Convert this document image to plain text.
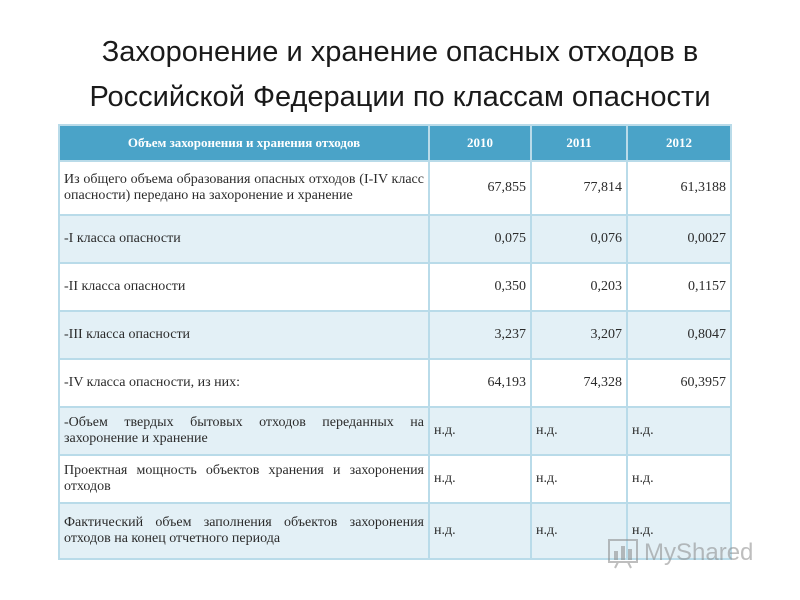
Захоронение и хранение опасных отходов в
Российской Федерации по классам опасности
Объем захоронения и хранения отходов	2010	2011	2012
Из общего объема образования опасных отходов (I-IV класс опасности) передано на захоронение и хранение	67,855	77,814	61,3188
-I класса опасности	0,075	0,076	0,0027
-II класса опасности	0,350	0,203	0,1157
-III класса опасности	3,237	3,207	0,8047
-IV класса опасности, из них:	64,193	74,328	60,3957
-Объем твердых бытовых отходов переданных на захоронение и хранение	н.д.	н.д.	н.д.
Проектная мощность объектов хранения и захоронения отходов	н.д.	н.д.	н.д.
Фактический объем заполнения объектов захоронения отходов на конец отчетного периода	н.д.	н.д.	н.д.
MyShared
